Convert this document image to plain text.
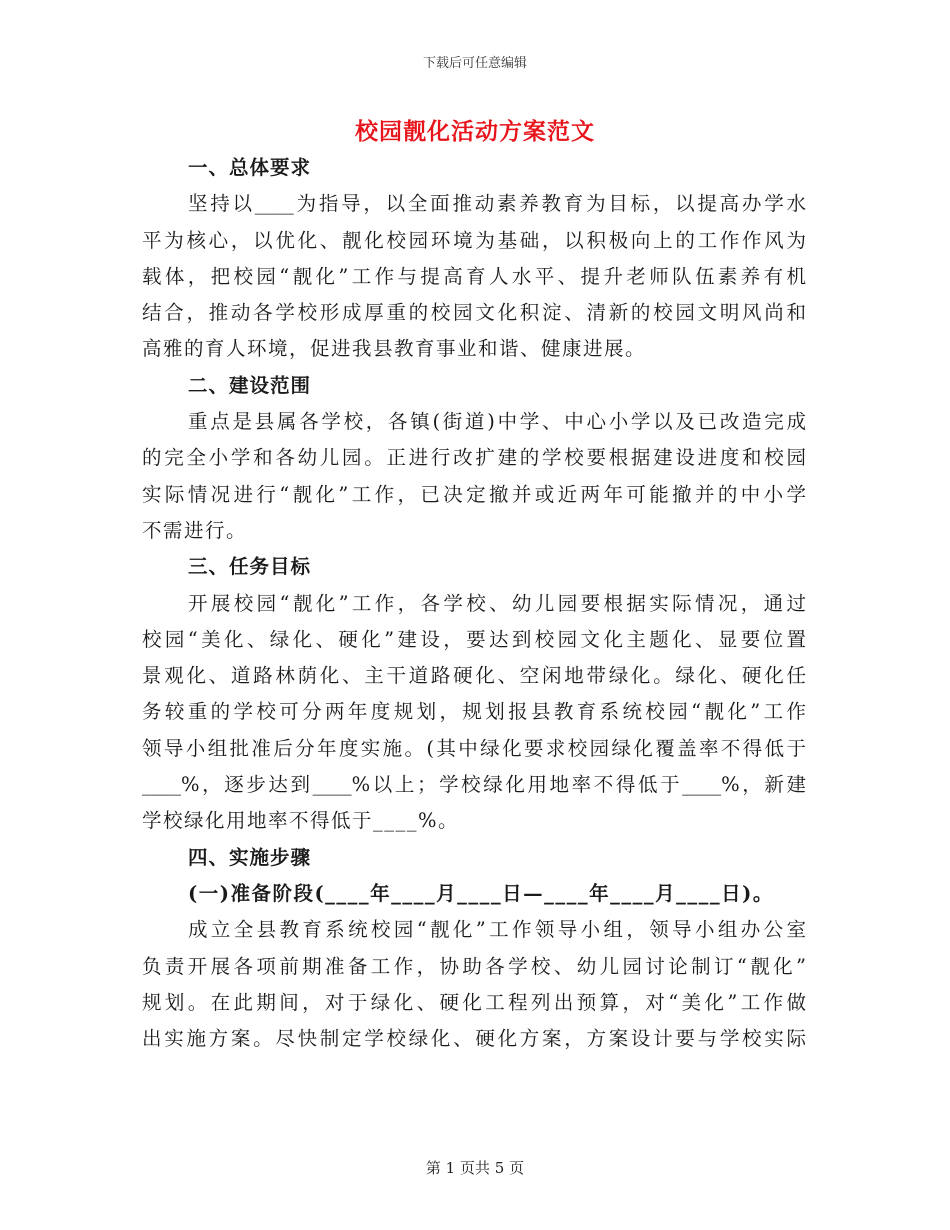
下载后可任意编辑
校园靓化活动方案范文
一、总体要求
坚持以____为指导，以全面推动素养教育为目标，以提高办学水
平为核心，以优化、靓化校园环境为基础，以积极向上的工作作风为
载体，把校园“靓化”工作与提高育人水平、提升老师队伍素养有机
结合，推动各学校形成厚重的校园文化积淀、清新的校园文明风尚和
高雅的育人环境，促进我县教育事业和谐、健康进展。
二、建设范围
重点是县属各学校，各镇(街道)中学、中心小学以及已改造完成
的完全小学和各幼儿园。正进行改扩建的学校要根据建设进度和校园
实际情况进行“靓化”工作，已决定撤并或近两年可能撤并的中小学
不需进行。
三、任务目标
开展校园“靓化”工作，各学校、幼儿园要根据实际情况，通过
校园“美化、绿化、硬化”建设，要达到校园文化主题化、显要位置
景观化、道路林荫化、主干道路硬化、空闲地带绿化。绿化、硬化任
务较重的学校可分两年度规划，规划报县教育系统校园“靓化”工作
领导小组批准后分年度实施。(其中绿化要求校园绿化覆盖率不得低于
____%，逐步达到____%以上；学校绿化用地率不得低于____%，新建
学校绿化用地率不得低于____%。
四、实施步骤
(一)准备阶段(____年____月____日—____年____月____日)。
成立全县教育系统校园“靓化”工作领导小组，领导小组办公室
负责开展各项前期准备工作，协助各学校、幼儿园讨论制订“靓化”
规划。在此期间，对于绿化、硬化工程列出预算，对“美化”工作做
出实施方案。尽快制定学校绿化、硬化方案，方案设计要与学校实际
第 1 页共 5 页
